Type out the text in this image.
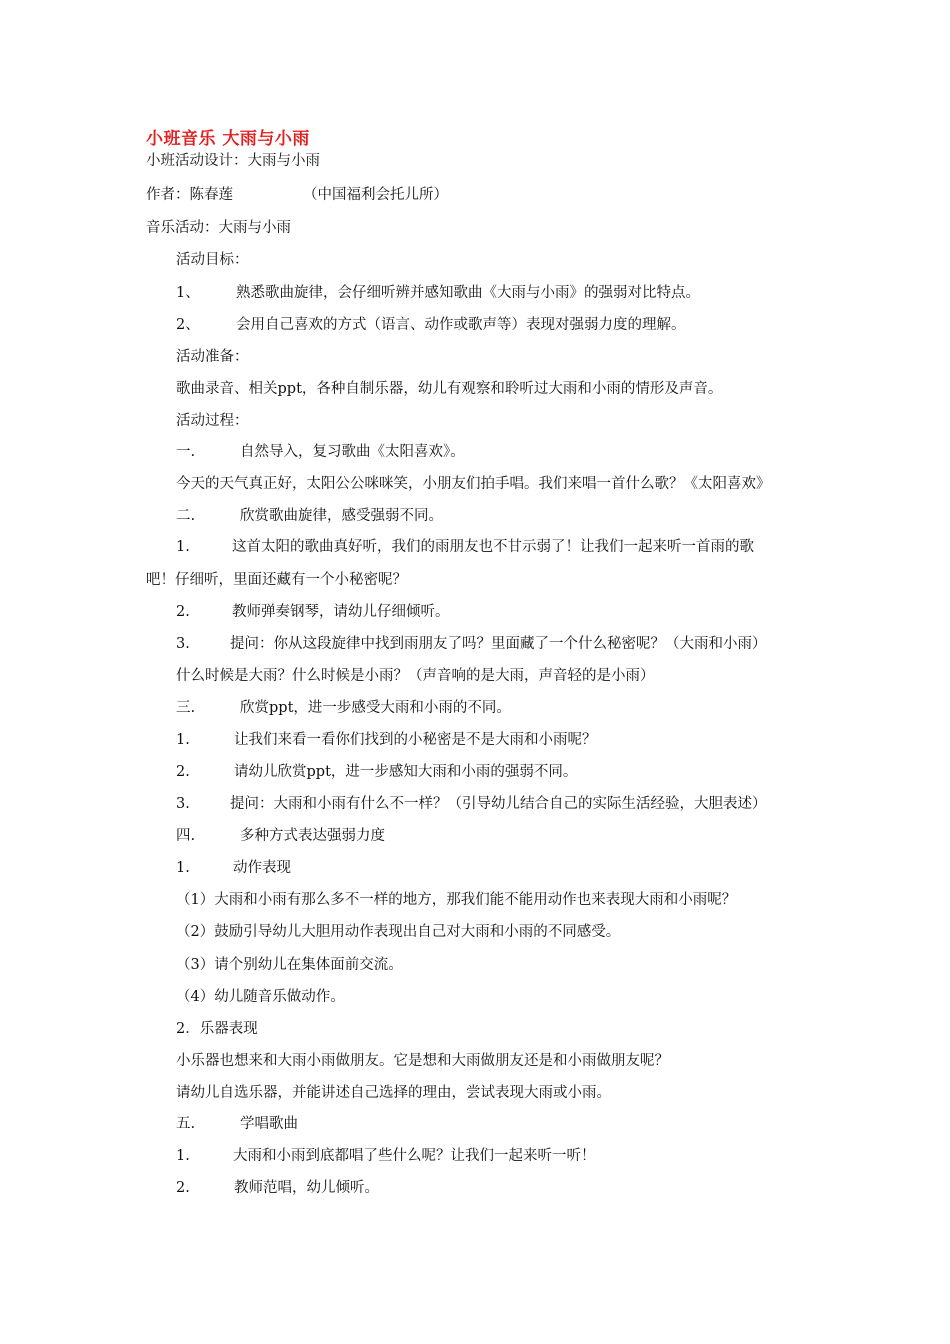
小班音乐 大雨与小雨
小班活动设计：大雨与小雨
作者：陈春莲	（中国福利会托儿所）
音乐活动：大雨与小雨
活动目标：
1、	熟悉歌曲旋律，会仔细听辨并感知歌曲《大雨与小雨》的强弱对比特点。
2、	会用自己喜欢的方式（语言、动作或歌声等）表现对强弱力度的理解。
活动准备：
歌曲录音、相关ppt，各种自制乐器，幼儿有观察和聆听过大雨和小雨的情形及声音。
活动过程：
一.	自然导入，复习歌曲《太阳喜欢》。
今天的天气真正好，太阳公公咪咪笑，小朋友们拍手唱。我们来唱一首什么歌？《太阳喜欢》
二.	欣赏歌曲旋律，感受强弱不同。
1.	这首太阳的歌曲真好听，我们的雨朋友也不甘示弱了！让我们一起来听一首雨的歌
吧！仔细听，里面还藏有一个小秘密呢？
2.	教师弹奏钢琴，请幼儿仔细倾听。
3.	提问：你从这段旋律中找到雨朋友了吗？里面藏了一个什么秘密呢？（大雨和小雨）
什么时候是大雨？什么时候是小雨？（声音响的是大雨，声音轻的是小雨）
三.	欣赏ppt，进一步感受大雨和小雨的不同。
1.	让我们来看一看你们找到的小秘密是不是大雨和小雨呢？
2.	请幼儿欣赏ppt，进一步感知大雨和小雨的强弱不同。
3.	提问：大雨和小雨有什么不一样？（引导幼儿结合自己的实际生活经验，大胆表述）
四.	多种方式表达强弱力度
1.	动作表现
（1）大雨和小雨有那么多不一样的地方，那我们能不能用动作也来表现大雨和小雨呢？
（2）鼓励引导幼儿大胆用动作表现出自己对大雨和小雨的不同感受。
（3）请个别幼儿在集体面前交流。
（4）幼儿随音乐做动作。
2．乐器表现
小乐器也想来和大雨小雨做朋友。它是想和大雨做朋友还是和小雨做朋友呢？
请幼儿自选乐器，并能讲述自己选择的理由，尝试表现大雨或小雨。
五.	学唱歌曲
1.	大雨和小雨到底都唱了些什么呢？让我们一起来听一听！
2.	教师范唱，幼儿倾听。
